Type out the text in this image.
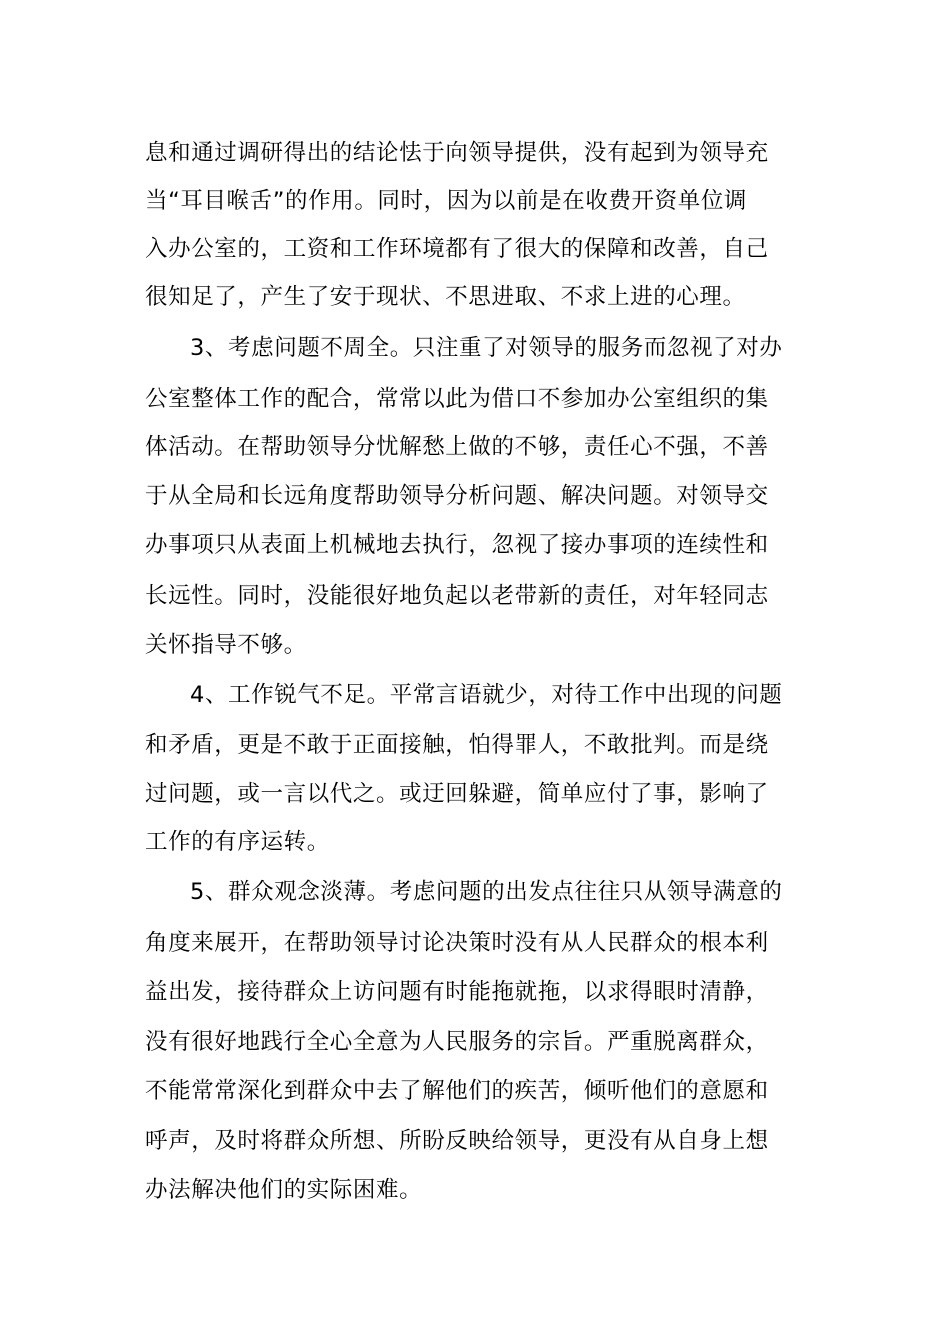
息和通过调研得出的结论怯于向领导提供，没有起到为领导充
当“耳目喉舌”的作用。同时，因为以前是在收费开资单位调
入办公室的，工资和工作环境都有了很大的保障和改善，自己
很知足了，产生了安于现状、不思进取、不求上进的心理。
3、考虑问题不周全。只注重了对领导的服务而忽视了对办
公室整体工作的配合，常常以此为借口不参加办公室组织的集
体活动。在帮助领导分忧解愁上做的不够，责任心不强，不善
于从全局和长远角度帮助领导分析问题、解决问题。对领导交
办事项只从表面上机械地去执行，忽视了接办事项的连续性和
长远性。同时，没能很好地负起以老带新的责任，对年轻同志
关怀指导不够。
4、工作锐气不足。平常言语就少，对待工作中出现的问题
和矛盾，更是不敢于正面接触，怕得罪人，不敢批判。而是绕
过问题，或一言以代之。或迂回躲避，简单应付了事，影响了
工作的有序运转。
5、群众观念淡薄。考虑问题的出发点往往只从领导满意的
角度来展开，在帮助领导讨论决策时没有从人民群众的根本利
益出发，接待群众上访问题有时能拖就拖，以求得眼时清静，
没有很好地践行全心全意为人民服务的宗旨。严重脱离群众，
不能常常深化到群众中去了解他们的疾苦，倾听他们的意愿和
呼声，及时将群众所想、所盼反映给领导，更没有从自身上想
办法解决他们的实际困难。
